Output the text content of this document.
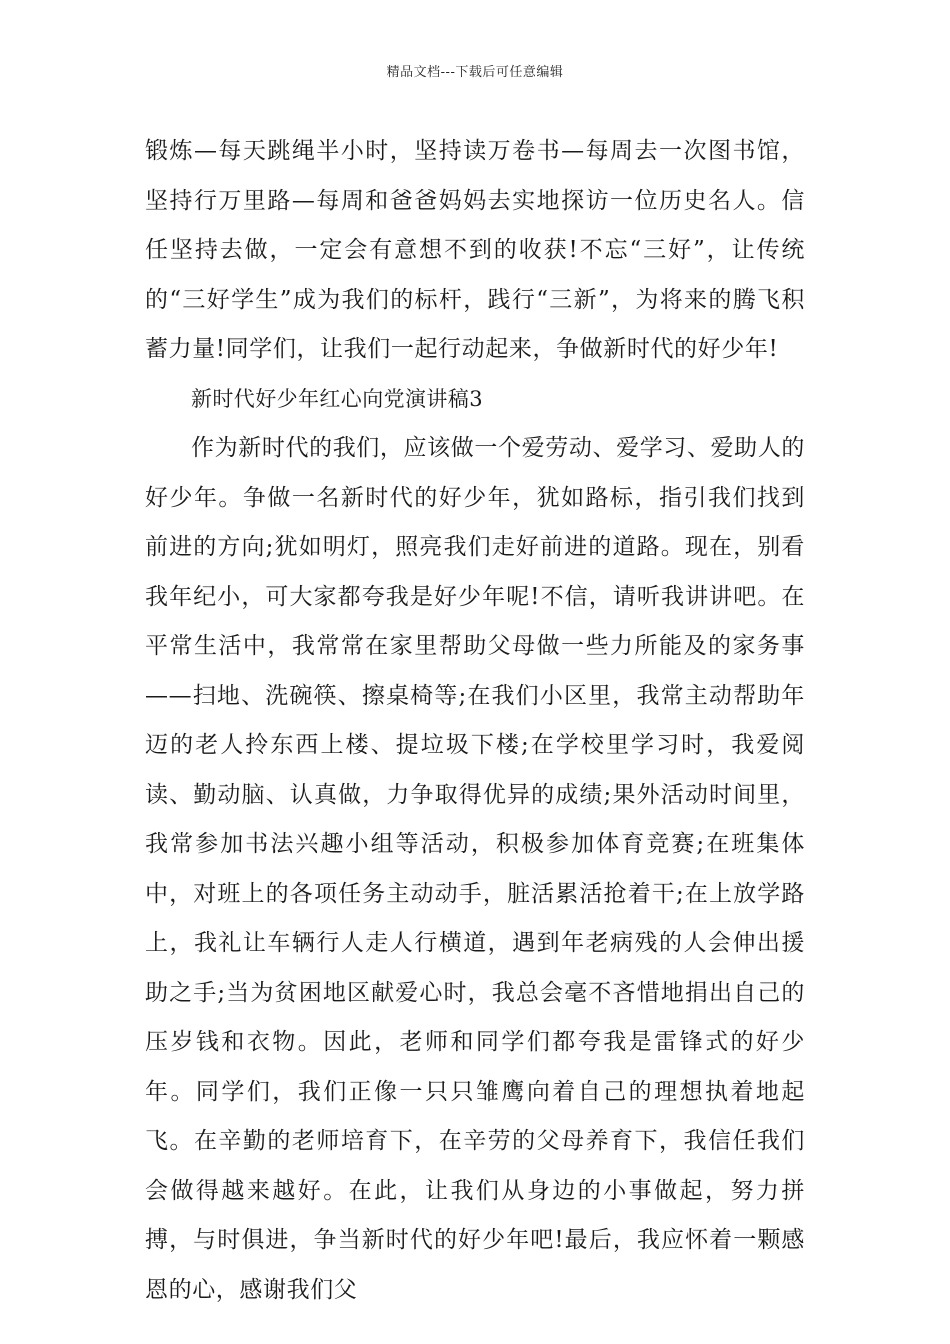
精品文档---下载后可任意编辑

锻炼—每天跳绳半小时，坚持读万卷书—每周去一次图书馆，坚持行万里路—每周和爸爸妈妈去实地探访一位历史名人。信任坚持去做，一定会有意想不到的收获!不忘“三好”，让传统的“三好学生”成为我们的标杆，践行“三新”，为将来的腾飞积蓄力量!同学们，让我们一起行动起来，争做新时代的好少年!

新时代好少年红心向党演讲稿3

作为新时代的我们，应该做一个爱劳动、爱学习、爱助人的好少年。争做一名新时代的好少年，犹如路标，指引我们找到前进的方向;犹如明灯，照亮我们走好前进的道路。现在，别看我年纪小，可大家都夸我是好少年呢!不信，请听我讲讲吧。在平常生活中，我常常在家里帮助父母做一些力所能及的家务事——扫地、洗碗筷、擦桌椅等;在我们小区里，我常主动帮助年迈的老人拎东西上楼、提垃圾下楼;在学校里学习时，我爱阅读、勤动脑、认真做，力争取得优异的成绩;果外活动时间里，我常参加书法兴趣小组等活动，积极参加体育竞赛;在班集体中，对班上的各项任务主动动手，脏活累活抢着干;在上放学路上，我礼让车辆行人走人行横道，遇到年老病残的人会伸出援助之手;当为贫困地区献爱心时，我总会毫不吝惜地捐出自己的压岁钱和衣物。因此，老师和同学们都夸我是雷锋式的好少年。同学们，我们正像一只只雏鹰向着自己的理想执着地起飞。在辛勤的老师培育下，在辛劳的父母养育下，我信任我们会做得越来越好。在此，让我们从身边的小事做起，努力拼搏，与时俱进，争当新时代的好少年吧!最后，我应怀着一颗感恩的心，感谢我们父
